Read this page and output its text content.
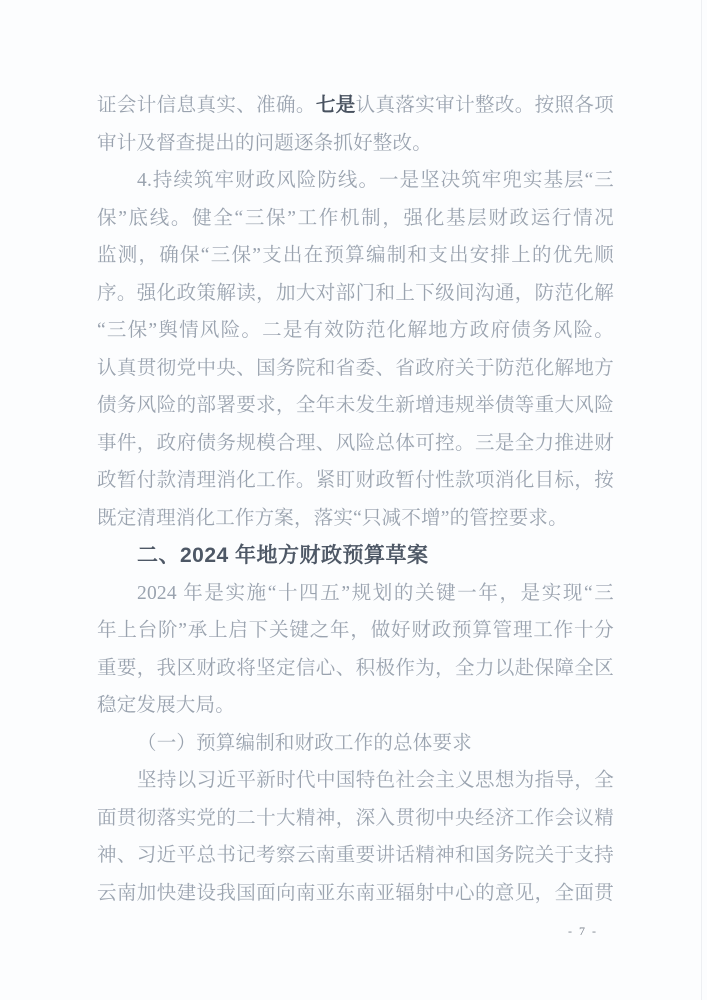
证会计信息真实、准确。七是认真落实审计整改。按照各项
审计及督查提出的问题逐条抓好整改。
4.持续筑牢财政风险防线。一是坚决筑牢兜实基层“三
保”底线。健全“三保”工作机制，强化基层财政运行情况
监测，确保“三保”支出在预算编制和支出安排上的优先顺
序。强化政策解读，加大对部门和上下级间沟通，防范化解
“三保”舆情风险。二是有效防范化解地方政府债务风险。
认真贯彻党中央、国务院和省委、省政府关于防范化解地方
债务风险的部署要求，全年未发生新增违规举债等重大风险
事件，政府债务规模合理、风险总体可控。三是全力推进财
政暂付款清理消化工作。紧盯财政暂付性款项消化目标，按
既定清理消化工作方案，落实“只减不增”的管控要求。
二、2024 年地方财政预算草案
2024 年是实施“十四五”规划的关键一年，是实现“三
年上台阶”承上启下关键之年，做好财政预算管理工作十分
重要，我区财政将坚定信心、积极作为，全力以赴保障全区
稳定发展大局。
（一）预算编制和财政工作的总体要求
坚持以习近平新时代中国特色社会主义思想为指导，全
面贯彻落实党的二十大精神，深入贯彻中央经济工作会议精
神、习近平总书记考察云南重要讲话精神和国务院关于支持
云南加快建设我国面向南亚东南亚辐射中心的意见，全面贯
- 7 -
